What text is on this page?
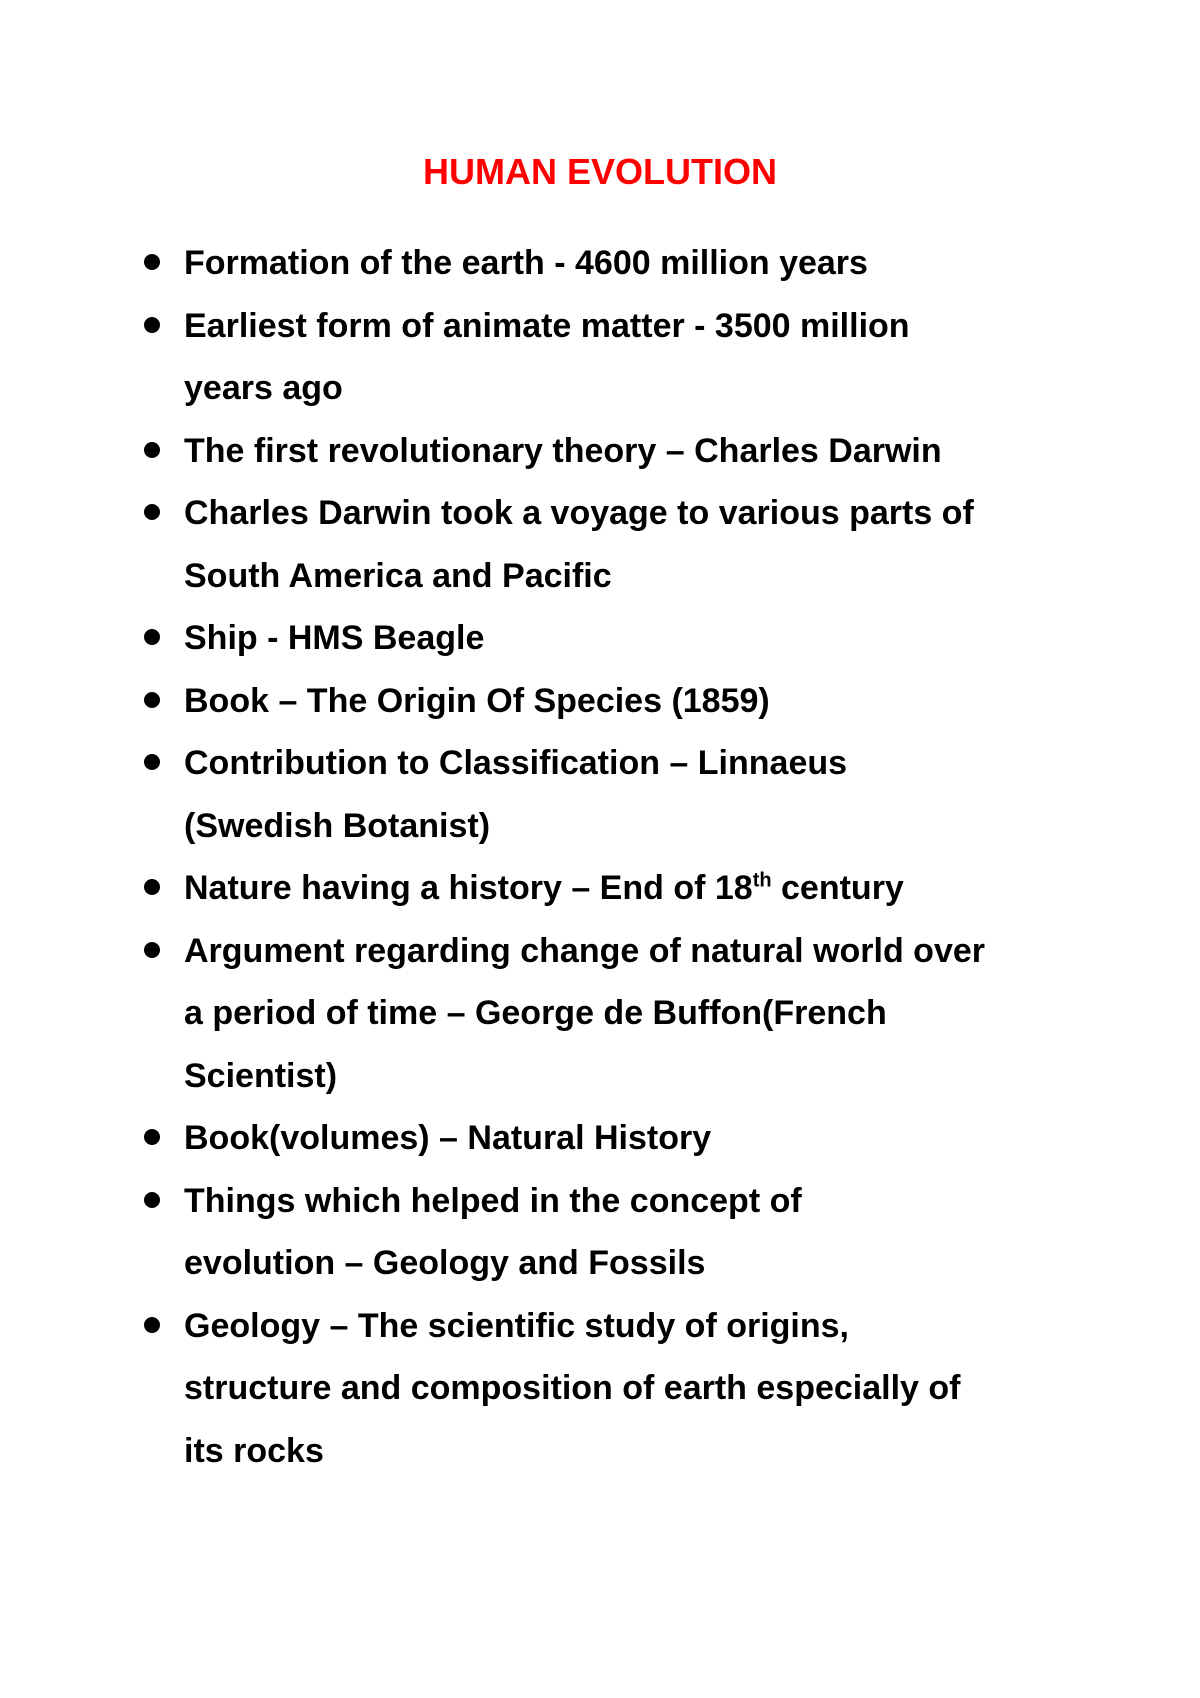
HUMAN EVOLUTION
Formation of the earth - 4600 million years
Earliest form of animate matter - 3500 million years ago
The first revolutionary theory – Charles Darwin
Charles Darwin took a voyage to various parts of South America and Pacific
Ship - HMS Beagle
Book – The Origin Of Species (1859)
Contribution to Classification – Linnaeus (Swedish Botanist)
Nature having a history – End of 18th century
Argument regarding change of natural world over a period of time – George de Buffon(French Scientist)
Book(volumes) – Natural History
Things which helped in the concept of evolution – Geology and Fossils
Geology – The scientific study of origins, structure and composition of earth especially of its rocks
